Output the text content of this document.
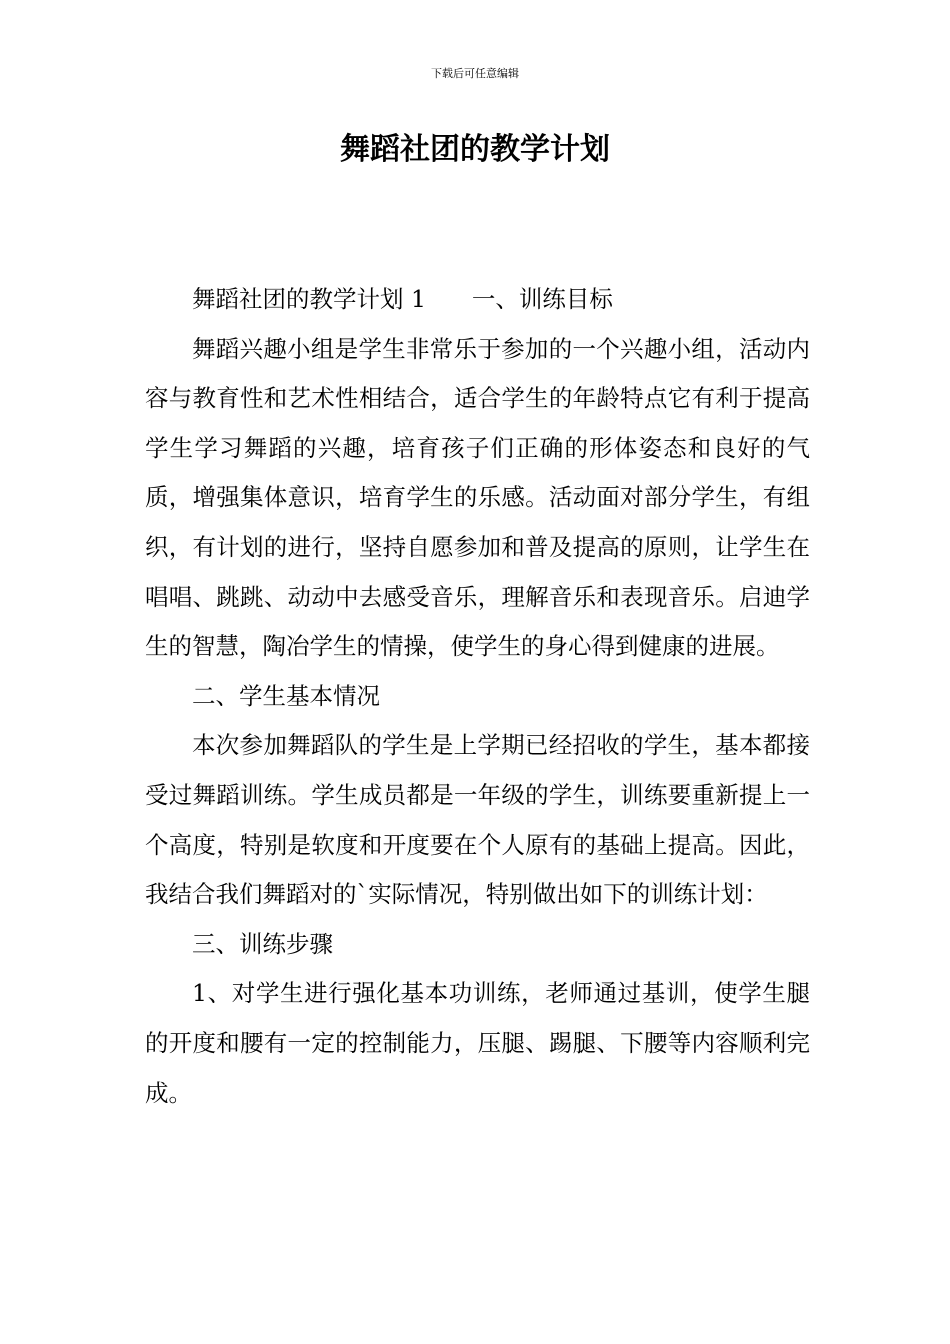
下载后可任意编辑
舞蹈社团的教学计划

舞蹈社团的教学计划 1 一、训练目标

舞蹈兴趣小组是学生非常乐于参加的一个兴趣小组，活动内容与教育性和艺术性相结合，适合学生的年龄特点它有利于提高学生学习舞蹈的兴趣，培育孩子们正确的形体姿态和良好的气质，增强集体意识，培育学生的乐感。活动面对部分学生，有组织，有计划的进行，坚持自愿参加和普及提高的原则，让学生在唱唱、跳跳、动动中去感受音乐，理解音乐和表现音乐。启迪学生的智慧，陶冶学生的情操，使学生的身心得到健康的进展。

二、学生基本情况

本次参加舞蹈队的学生是上学期已经招收的学生，基本都接受过舞蹈训练。学生成员都是一年级的学生，训练要重新提上一个高度，特别是软度和开度要在个人原有的基础上提高。因此，我结合我们舞蹈对的`实际情况，特别做出如下的训练计划：

三、训练步骤

1、对学生进行强化基本功训练，老师通过基训，使学生腿的开度和腰有一定的控制能力，压腿、踢腿、下腰等内容顺利完成。
